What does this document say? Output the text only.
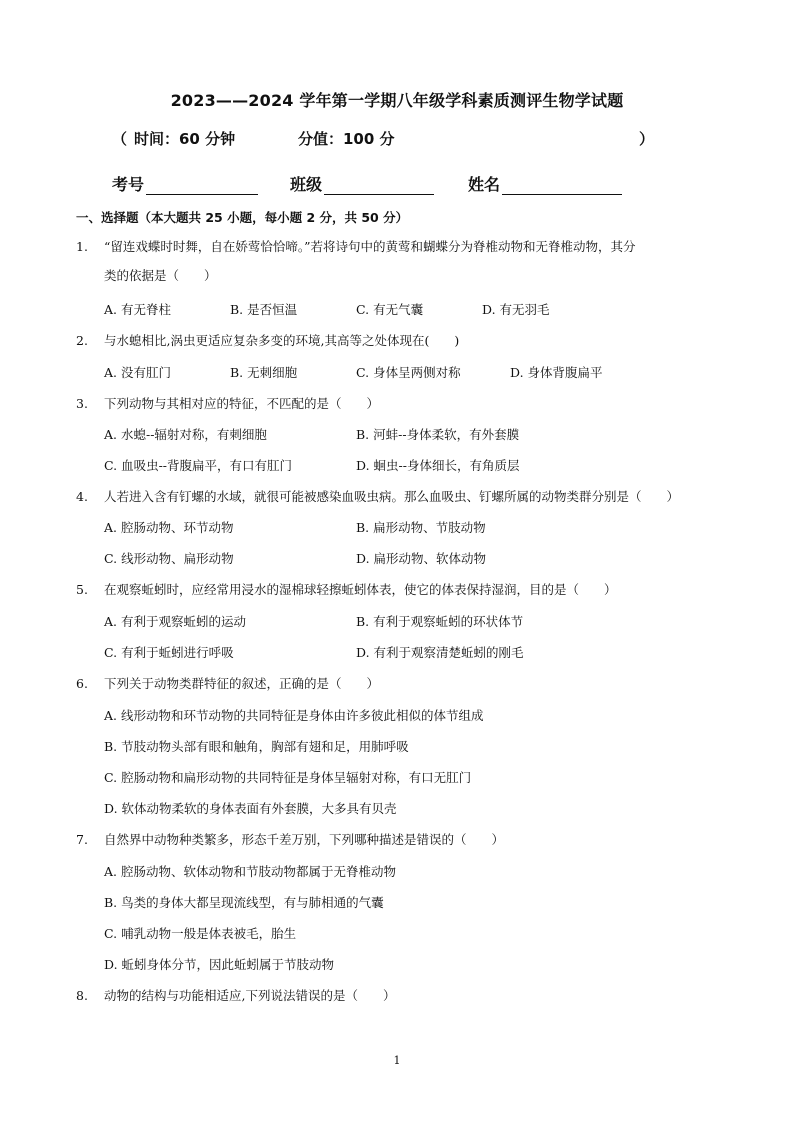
2023——2024 学年第一学期八年级学科素质测评生物学试题
（ 时间：60 分钟	分值：100 分	）
考号	班级	姓名
一、选择题（本大题共 25 小题，每小题 2 分，共 50 分）
1.	“留连戏蝶时时舞，自在娇莺恰恰啼。”若将诗句中的黄莺和蝴蝶分为脊椎动物和无脊椎动物，其分
类的依据是（　　）
A. 有无脊柱	B. 是否恒温	C. 有无气囊	D. 有无羽毛
2.	与水螅相比,涡虫更适应复杂多变的环境,其高等之处体现在(　　)
A. 没有肛门	B. 无刺细胞	C. 身体呈两侧对称	D. 身体背腹扁平
3.	下列动物与其相对应的特征，不匹配的是（　　）
A. 水螅--辐射对称，有刺细胞	B. 河蚌--身体柔软，有外套膜
C. 血吸虫--背腹扁平，有口有肛门	D. 蛔虫--身体细长，有角质层
4.	人若进入含有钉螺的水域，就很可能被感染血吸虫病。那么血吸虫、钉螺所属的动物类群分别是（　　）
A. 腔肠动物、环节动物	B. 扁形动物、节肢动物
C. 线形动物、扁形动物	D. 扁形动物、软体动物
5.	在观察蚯蚓时，应经常用浸水的湿棉球轻擦蚯蚓体表，使它的体表保持湿润，目的是（　　）
A. 有利于观察蚯蚓的运动	B. 有利于观察蚯蚓的环状体节
C. 有利于蚯蚓进行呼吸	D. 有利于观察清楚蚯蚓的刚毛
6.	下列关于动物类群特征的叙述，正确的是（　　）
A. 线形动物和环节动物的共同特征是身体由许多彼此相似的体节组成
B. 节肢动物头部有眼和触角，胸部有翅和足，用肺呼吸
C. 腔肠动物和扁形动物的共同特征是身体呈辐射对称，有口无肛门
D. 软体动物柔软的身体表面有外套膜，大多具有贝壳
7.	自然界中动物种类繁多，形态千差万别，下列哪种描述是错误的（　　）
A. 腔肠动物、软体动物和节肢动物都属于无脊椎动物
B. 鸟类的身体大都呈现流线型，有与肺相通的气囊
C. 哺乳动物一般是体表被毛，胎生
D. 蚯蚓身体分节，因此蚯蚓属于节肢动物
8.	动物的结构与功能相适应,下列说法错误的是（　　）
1
